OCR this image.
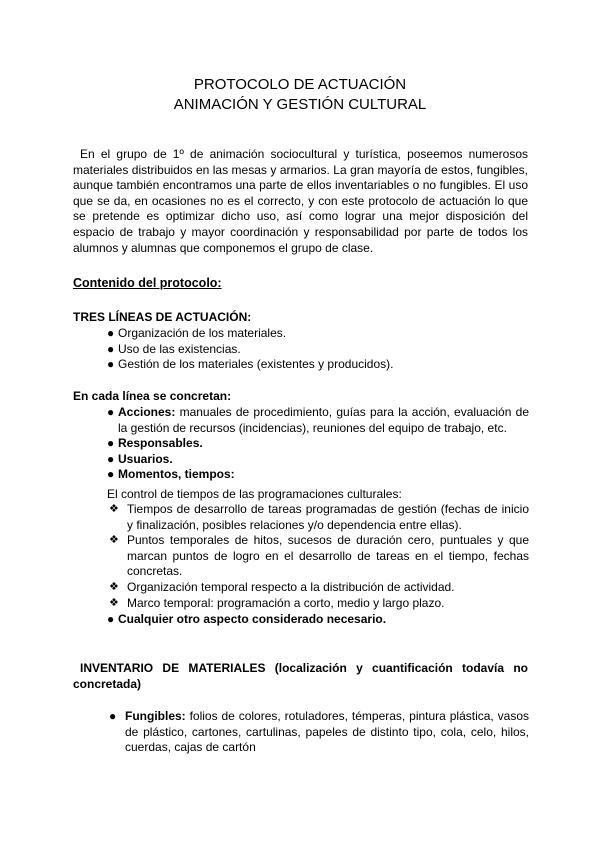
PROTOCOLO DE ACTUACIÓN
ANIMACIÓN Y GESTIÓN CULTURAL
En el grupo de 1º de animación sociocultural y turística, poseemos numerosos materiales distribuidos en las mesas y armarios. La gran mayoría de estos, fungibles, aunque también encontramos una parte de ellos inventariables o no fungibles. El uso que se da, en ocasiones no es el correcto, y con este protocolo de actuación lo que se pretende es optimizar dicho uso, así como lograr una mejor disposición del espacio de trabajo y mayor coordinación y responsabilidad por parte de todos los alumnos y alumnas que componemos el grupo de clase.
Contenido del protocolo:
TRES LÍNEAS DE ACTUACIÓN:
● Organización de los materiales.
● Uso de las existencias.
● Gestión de los materiales (existentes y producidos).
En cada línea se concretan:
● Acciones: manuales de procedimiento, guías para la acción, evaluación de la gestión de recursos (incidencias), reuniones del equipo de trabajo, etc.
● Responsables.
● Usuarios.
● Momentos, tiempos:
El control de tiempos de las programaciones culturales:
❖ Tiempos de desarrollo de tareas programadas de gestión (fechas de inicio y finalización, posibles relaciones y/o dependencia entre ellas).
❖ Puntos temporales de hitos, sucesos de duración cero, puntuales y que marcan puntos de logro en el desarrollo de tareas en el tiempo, fechas concretas.
❖ Organización temporal respecto a la distribución de actividad.
❖ Marco temporal: programación a corto, medio y largo plazo.
● Cualquier otro aspecto considerado necesario.
INVENTARIO DE MATERIALES (localización y cuantificación todavía no concretada)
● Fungibles: folios de colores, rotuladores, témperas, pintura plástica, vasos de plástico, cartones, cartulinas, papeles de distinto tipo, cola, celo, hilos, cuerdas, cajas de cartón
